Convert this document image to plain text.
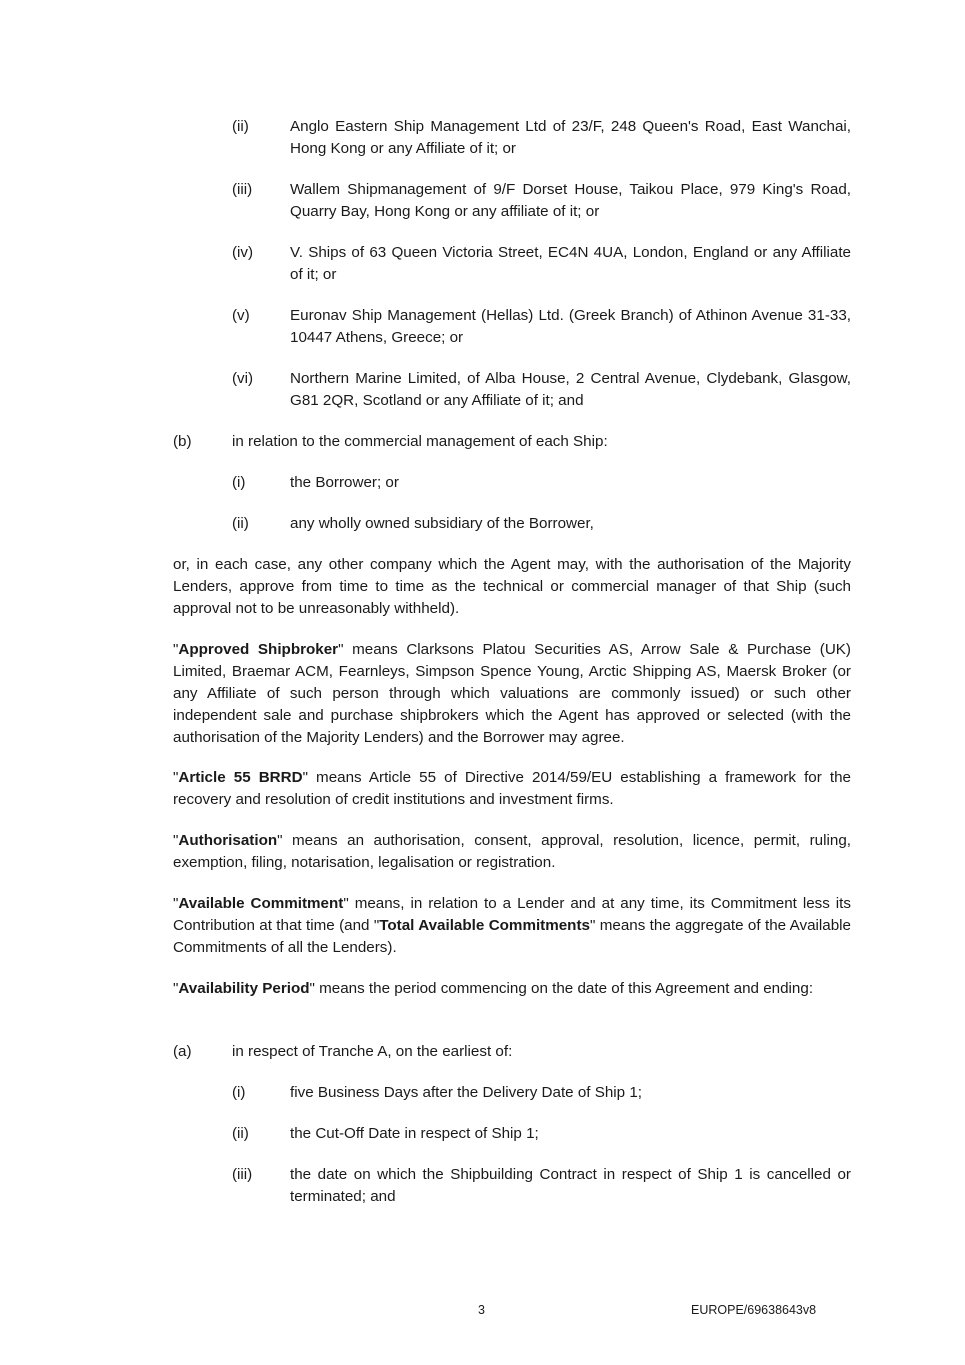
(ii)	Anglo Eastern Ship Management Ltd of 23/F, 248 Queen's Road, East Wanchai, Hong Kong or any Affiliate of it; or
(iii) Wallem Shipmanagement of 9/F Dorset House, Taikou Place, 979 King's Road, Quarry Bay, Hong Kong or any affiliate of it; or
(iv) V. Ships of 63 Queen Victoria Street, EC4N 4UA, London, England or any Affiliate of it; or
(v)	Euronav Ship Management (Hellas) Ltd. (Greek Branch) of Athinon Avenue 31-33, 10447 Athens, Greece; or
(vi) Northern Marine Limited, of Alba House, 2 Central Avenue, Clydebank, Glasgow, G81 2QR, Scotland or any Affiliate of it; and
(b)	in relation to the commercial management of each Ship:
(i)	the Borrower; or
(ii)	any wholly owned subsidiary of the Borrower,
or, in each case, any other company which the Agent may, with the authorisation of the Majority Lenders, approve from time to time as the technical or commercial manager of that Ship (such approval not to be unreasonably withheld).
"Approved Shipbroker" means Clarksons Platou Securities AS, Arrow Sale & Purchase (UK) Limited, Braemar ACM, Fearnleys, Simpson Spence Young, Arctic Shipping AS, Maersk Broker (or any Affiliate of such person through which valuations are commonly issued) or such other independent sale and purchase shipbrokers which the Agent has approved or selected (with the authorisation of the Majority Lenders) and the Borrower may agree.
"Article 55 BRRD" means Article 55 of Directive 2014/59/EU establishing a framework for the recovery and resolution of credit institutions and investment firms.
"Authorisation" means an authorisation, consent, approval, resolution, licence, permit, ruling, exemption, filing, notarisation, legalisation or registration.
"Available Commitment" means, in relation to a Lender and at any time, its Commitment less its Contribution at that time (and "Total Available Commitments" means the aggregate of the Available Commitments of all the Lenders).
"Availability Period" means the period commencing on the date of this Agreement and ending:
(a)	in respect of Tranche A, on the earliest of:
(i)	five Business Days after the Delivery Date of Ship 1;
(ii)	the Cut-Off Date in respect of Ship 1;
(iii) the date on which the Shipbuilding Contract in respect of Ship 1 is cancelled or terminated; and
3	EUROPE/69638643v8
